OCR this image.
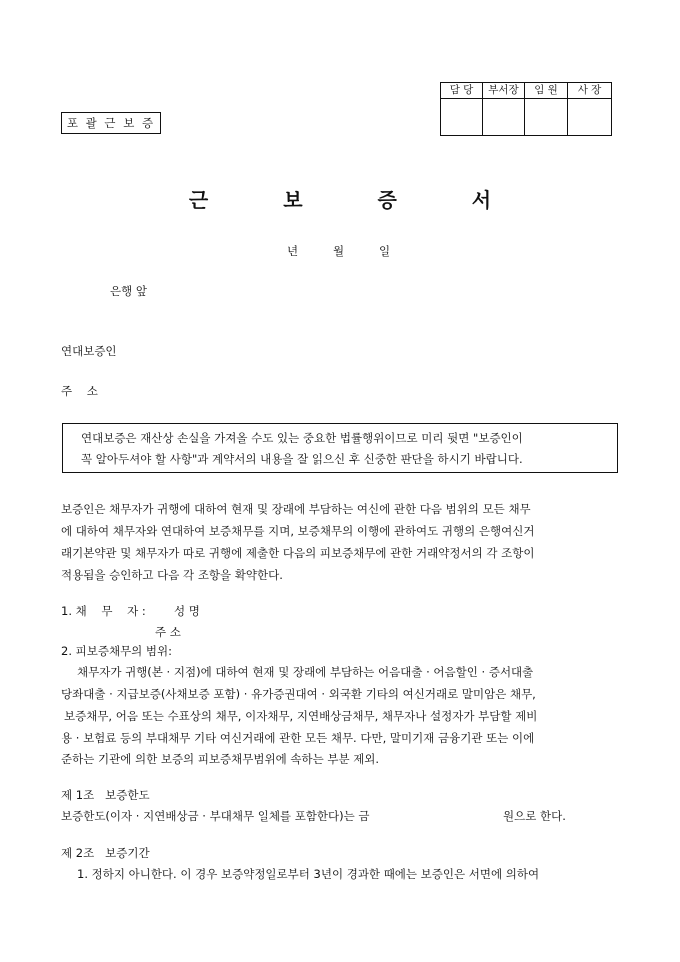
담 당	부서장	임 원	사 장

포 괄 근 보 증
근 보 증 서
년	월	일
은행 앞
연대보증인
주    소
연대보증은 재산상 손실을 가져올 수도 있는 중요한 법률행위이므로 미리 뒷면 "보증인이
꼭 알아두셔야 할 사항"과 계약서의 내용을 잘 읽으신 후 신중한 판단을 하시기 바랍니다.
보증인은 채무자가 귀행에 대하여 현재 및 장래에 부담하는 여신에 관한 다음 범위의 모든 채무
에 대하여 채무자와 연대하여 보증채무를 지며, 보증채무의 이행에 관하여도 귀행의 은행여신거
래기본약관 및 채무자가 따로 귀행에 제출한 다음의 피보증채무에 관한 거래약정서의 각 조항이
적용됨을 승인하고 다음 각 조항을 확약한다.
1. 채    무    자 : 성 명
주 소
2. 피보증채무의 범위:
채무자가 귀행(본 · 지점)에 대하여 현재 및 장래에 부담하는 어음대출 · 어음할인 · 증서대출
당좌대출 · 지급보증(사채보증 포함) · 유가증권대여 · 외국환 기타의 여신거래로 말미암은 채무,
보증채무, 어음 또는 수표상의 채무, 이자채무, 지연배상금채무, 채무자나 설정자가 부담할 제비
용 · 보험료 등의 부대채무 기타 여신거래에 관한 모든 채무. 다만, 말미기재 금융기관 또는 이에
준하는 기관에 의한 보증의 피보증채무범위에 속하는 부분 제외.
제 1조   보증한도
보증한도(이자 · 지연배상금 · 부대채무 일체를 포함한다)는 금	원으로 한다.
제 2조   보증기간
1. 정하지 아니한다. 이 경우 보증약정일로부터 3년이 경과한 때에는 보증인은 서면에 의하여
